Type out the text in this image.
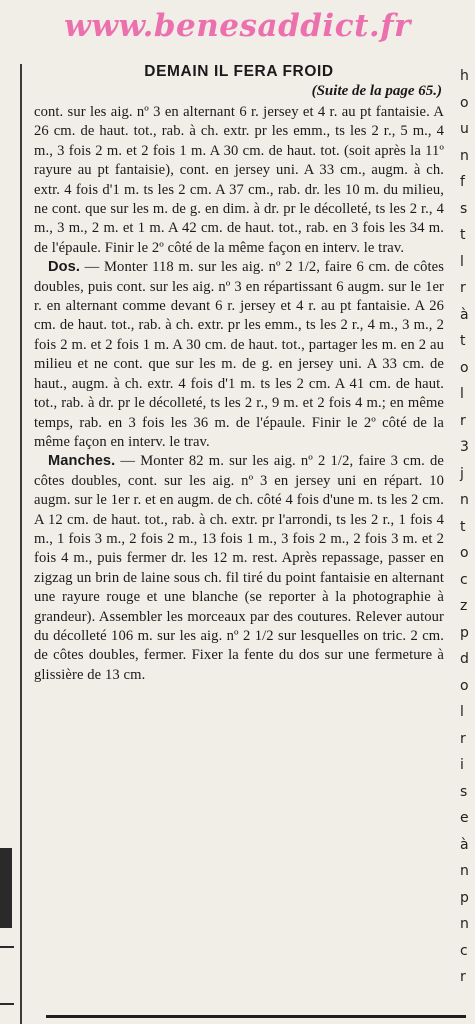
www.benesaddict.fr
h
o
u
n
f
s
t
l
r
à
t
o
l
r
3
j
n
t
o
c
z
p
d
o
l
r
i
s
e
à
n
p
n
c
r
DEMAIN IL FERA FROID

(Suite de la page 65.)

cont. sur les aig. nº 3 en alternant 6 r. jersey et 4 r. au pt fantaisie. A 26 cm. de haut. tot., rab. à ch. extr. pr les emm., ts les 2 r., 5 m., 4 m., 3 fois 2 m. et 2 fois 1 m. A 30 cm. de haut. tot. (soit après la 11º rayure au pt fantaisie), cont. en jersey uni. A 33 cm., augm. à ch. extr. 4 fois d'1 m. ts les 2 cm. A 37 cm., rab. dr. les 10 m. du milieu, ne cont. que sur les m. de g. en dim. à dr. pr le décolleté, ts les 2 r., 4 m., 3 m., 2 m. et 1 m. A 42 cm. de haut. tot., rab. en 3 fois les 34 m. de l'épaule. Finir le 2º côté de la même façon en interv. le trav.

Dos. — Monter 118 m. sur les aig. nº 2 1/2, faire 6 cm. de côtes doubles, puis cont. sur les aig. nº 3 en répartissant 6 augm. sur le 1er r. en alternant comme devant 6 r. jersey et 4 r. au pt fantaisie. A 26 cm. de haut. tot., rab. à ch. extr. pr les emm., ts les 2 r., 4 m., 3 m., 2 fois 2 m. et 2 fois 1 m. A 30 cm. de haut. tot., partager les m. en 2 au milieu et ne cont. que sur les m. de g. en jersey uni. A 33 cm. de haut., augm. à ch. extr. 4 fois d'1 m. ts les 2 cm. A 41 cm. de haut. tot., rab. à dr. pr le décolleté, ts les 2 r., 9 m. et 2 fois 4 m.; en même temps, rab. en 3 fois les 36 m. de l'épaule. Finir le 2º côté de la même façon en interv. le trav.

Manches. — Monter 82 m. sur les aig. nº 2 1/2, faire 3 cm. de côtes doubles, cont. sur les aig. nº 3 en jersey uni en répart. 10 augm. sur le 1er r. et en augm. de ch. côté 4 fois d'une m. ts les 2 cm. A 12 cm. de haut. tot., rab. à ch. extr. pr l'arrondi, ts les 2 r., 1 fois 4 m., 1 fois 3 m., 2 fois 2 m., 13 fois 1 m., 3 fois 2 m., 2 fois 3 m. et 2 fois 4 m., puis fermer dr. les 12 m. rest. Après repassage, passer en zigzag un brin de laine sous ch. fil tiré du point fantaisie en alternant une rayure rouge et une blanche (se reporter à la photographie à grandeur). Assembler les morceaux par des coutures. Relever autour du décolleté 106 m. sur les aig. nº 2 1/2 sur lesquelles on tric. 2 cm. de côtes doubles, fermer. Fixer la fente du dos sur une fermeture à glissière de 13 cm.
